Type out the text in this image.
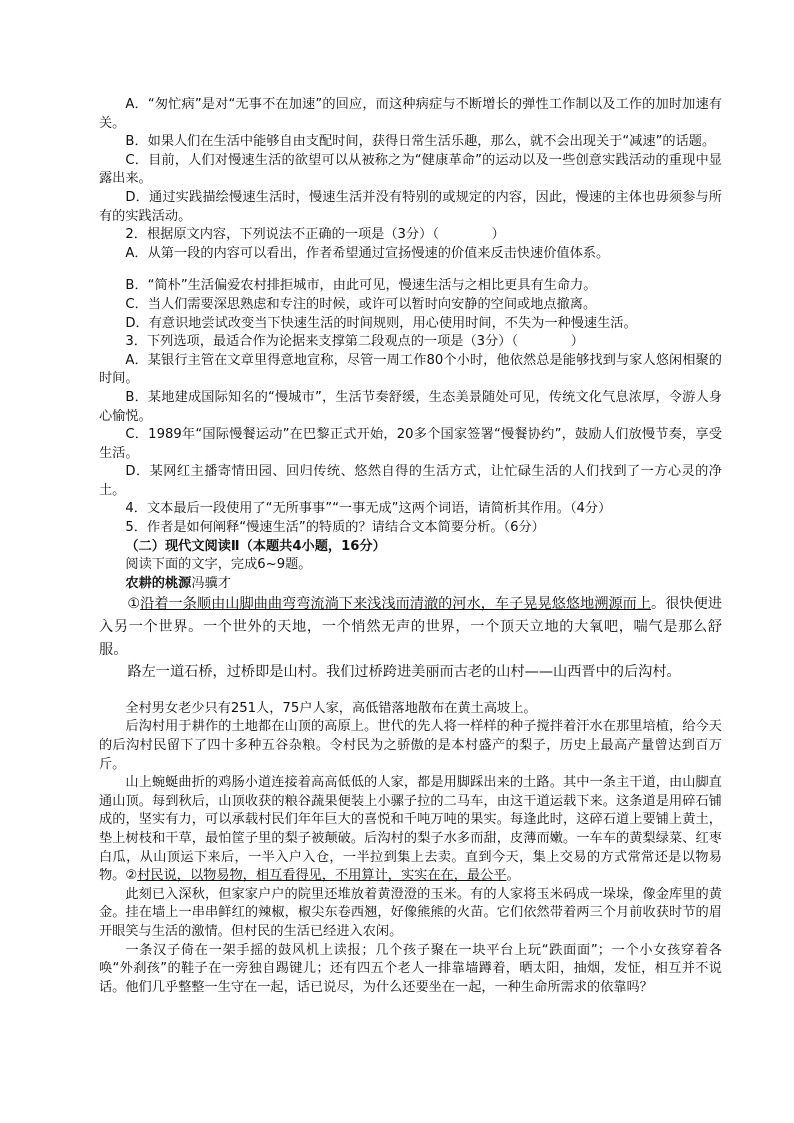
A．“匆忙病”是对“无事不在加速”的回应，而这种病症与不断增长的弹性工作制以及工作的加时加速有关。

B．如果人们在生活中能够自由支配时间，获得日常生活乐趣，那么，就不会出现关于“减速”的话题。

C．目前，人们对慢速生活的欲望可以从被称之为“健康革命”的运动以及一些创意实践活动的重现中显露出来。

D．通过实践描绘慢速生活时，慢速生活并没有特别的或规定的内容，因此，慢速的主体也毋须参与所有的实践活动。

2．根据原文内容，下列说法不正确的一项是（3分）（　　　　）

A．从第一段的内容可以看出，作者希望通过宣扬慢速的价值来反击快速价值体系。

B．“简朴”生活偏爱农村排拒城市，由此可见，慢速生活与之相比更具有生命力。

C．当人们需要深思熟虑和专注的时候，或许可以暂时向安静的空间或地点撤离。

D．有意识地尝试改变当下快速生活的时间规则，用心使用时间，不失为一种慢速生活。

3．下列选项，最适合作为论据来支撑第二段观点的一项是（3分）（　　　　）

A．某银行主管在文章里得意地宣称，尽管一周工作80个小时，他依然总是能够找到与家人悠闲相聚的时间。

B．某地建成国际知名的“慢城市”，生活节奏舒缓，生态美景随处可见，传统文化气息浓厚，令游人身心愉悦。

C．1989年“国际慢餐运动”在巴黎正式开始，20多个国家签署“慢餐协约”，鼓励人们放慢节奏，享受生活。

D．某网红主播寄情田园、回归传统、悠然自得的生活方式，让忙碌生活的人们找到了一方心灵的净土。

4．文本最后一段使用了“无所事事”“一事无成”这两个词语，请简析其作用。（4分）

5．作者是如何阐释“慢速生活”的特质的？请结合文本简要分析。（6分）

（二）现代文阅读Ⅱ（本题共4小题，16分）

阅读下面的文字，完成6~9题。

农耕的桃源冯骥才

①沿着一条顺由山脚曲曲弯弯流淌下来浅浅而清澈的河水，车子晃晃悠悠地溯源而上。很快便进入另一个世界。一个世外的天地，一个悄然无声的世界，一个顶天立地的大氧吧，喘气是那么舒服。

路左一道石桥，过桥即是山村。我们过桥跨进美丽而古老的山村——山西晋中的后沟村。

全村男女老少只有251人，75户人家，高低错落地散布在黄土高坡上。

后沟村用于耕作的土地都在山顶的高原上。世代的先人将一样样的种子搅拌着汗水在那里培植，给今天的后沟村民留下了四十多种五谷杂粮。令村民为之骄傲的是本村盛产的梨子，历史上最高产量曾达到百万斤。

山上蜿蜒曲折的鸡肠小道连接着高高低低的人家，都是用脚踩出来的土路。其中一条主干道，由山脚直通山顶。每到秋后，山顶收获的粮谷蔬果便装上小骡子拉的二马车，由这干道运载下来。这条道是用碎石铺成的，坚实有力，可以承载村民们年年巨大的喜悦和千吨万吨的果实。每逢此时，这碎石道上要铺上黄土，垫上树枝和干草，最怕筐子里的梨子被颠破。后沟村的梨子水多而甜，皮薄而嫩。一车车的黄梨绿菜、红枣白瓜，从山顶运下来后，一半入户入仓，一半拉到集上去卖。直到今天，集上交易的方式常常还是以物易物。②村民说，以物易物，相互看得见，不用算计，实实在在，最公平。

此刻已入深秋，但家家户户的院里还堆放着黄澄澄的玉米。有的人家将玉米码成一垛垛，像金库里的黄金。挂在墙上一串串鲜红的辣椒，椒尖东卷西翘，好像熊熊的火苗。它们依然带着两三个月前收获时节的眉开眼笑与生活的激情。但村民的生活已经进入农闲。

一条汉子倚在一架手摇的鼓风机上读报；几个孩子聚在一块平台上玩“跌面面”；一个小女孩穿着各唤“外刹孩”的鞋子在一旁独自踢键儿；还有四五个老人一排靠墙蹲着，晒太阳，抽烟，发怔，相互并不说话。他们几乎整整一生守在一起，话已说尽，为什么还要坐在一起，一种生命所需求的依靠吗？
